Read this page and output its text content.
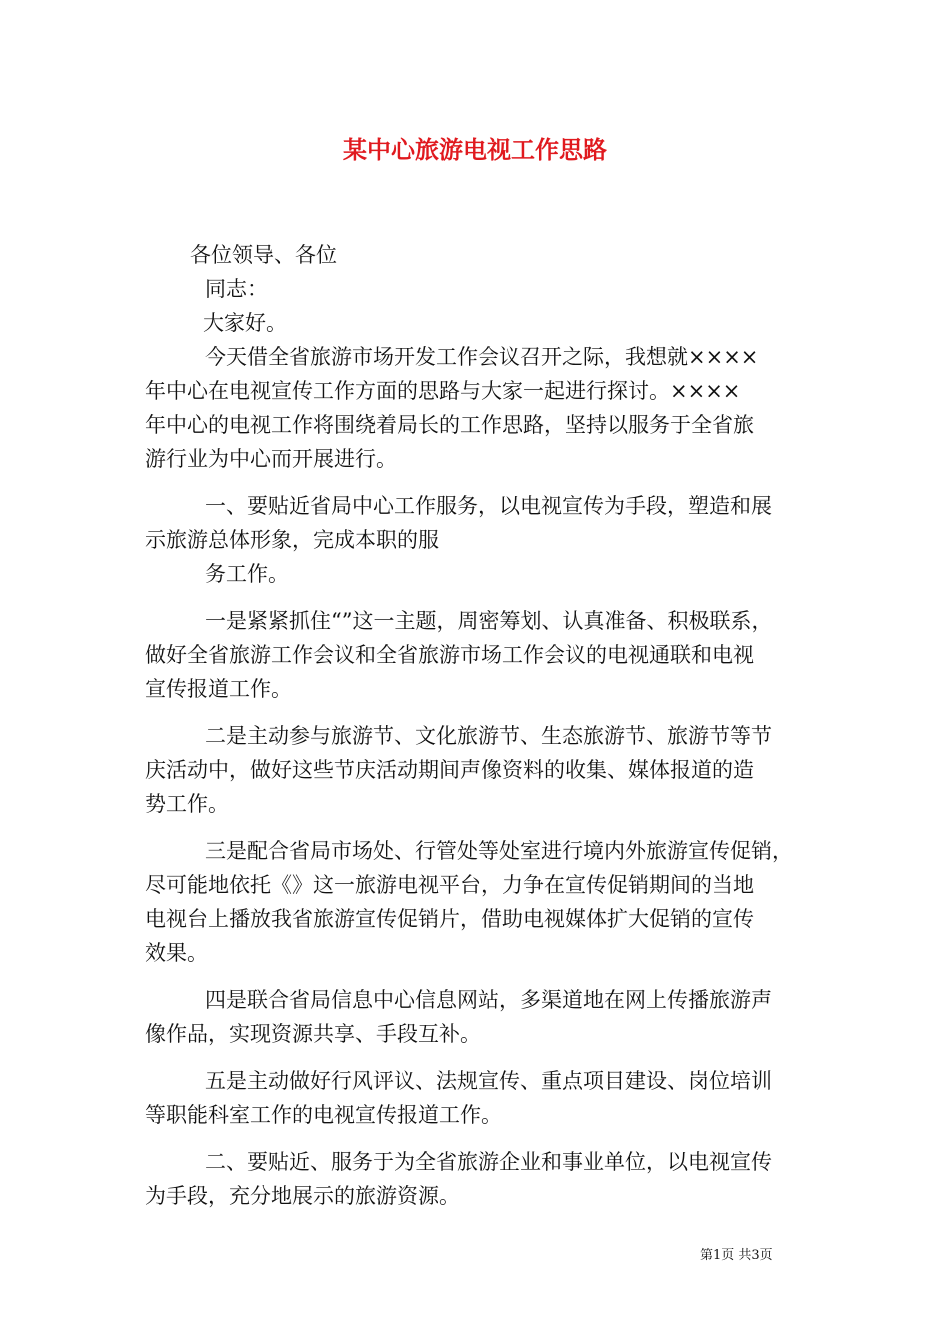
某中心旅游电视工作思路
各位领导、各位
同志：
大家好。
今天借全省旅游市场开发工作会议召开之际，我想就××××
年中心在电视宣传工作方面的思路与大家一起进行探讨。××××
年中心的电视工作将围绕着局长的工作思路，坚持以服务于全省旅
游行业为中心而开展进行。
一、要贴近省局中心工作服务，以电视宣传为手段，塑造和展
示旅游总体形象，完成本职的服
务工作。
一是紧紧抓住“”这一主题，周密筹划、认真准备、积极联系，
做好全省旅游工作会议和全省旅游市场工作会议的电视通联和电视
宣传报道工作。
二是主动参与旅游节、文化旅游节、生态旅游节、旅游节等节
庆活动中，做好这些节庆活动期间声像资料的收集、媒体报道的造
势工作。
三是配合省局市场处、行管处等处室进行境内外旅游宣传促销，
尽可能地依托《》这一旅游电视平台，力争在宣传促销期间的当地
电视台上播放我省旅游宣传促销片，借助电视媒体扩大促销的宣传
效果。
四是联合省局信息中心信息网站，多渠道地在网上传播旅游声
像作品，实现资源共享、手段互补。
五是主动做好行风评议、法规宣传、重点项目建设、岗位培训
等职能科室工作的电视宣传报道工作。
二、要贴近、服务于为全省旅游企业和事业单位，以电视宣传
为手段，充分地展示的旅游资源。
第1页 共3页
